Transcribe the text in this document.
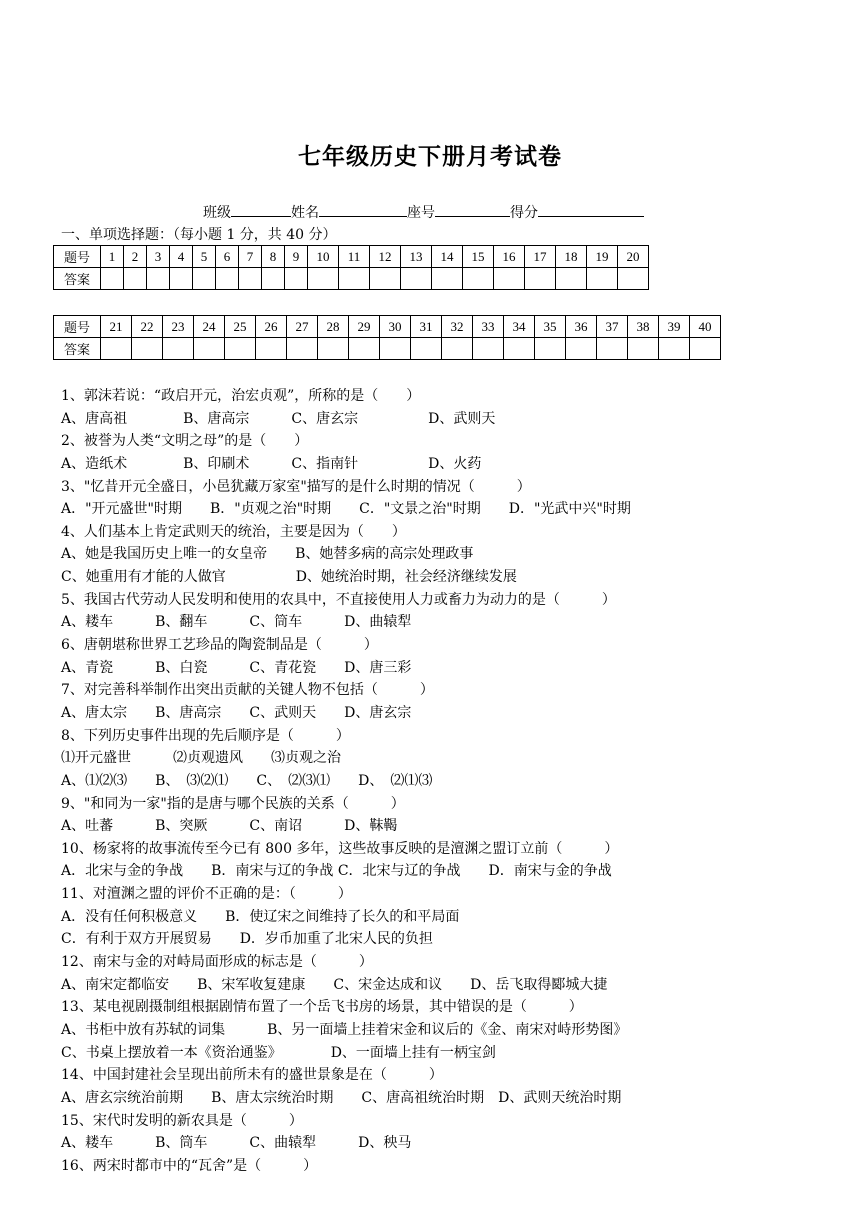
七年级历史下册月考试卷
班级	姓名	座号	得分
一、单项选择题：（每小题 1 分，共 40 分）
题号	1	2	3	4	5	6	7	8	9	10	11	12	13	14	15	16	17	18	19	20
答案																				
题号	21	22	23	24	25	26	27	28	29	30	31	32	33	34	35	36	37	38	39	40
答案																				
1、郭沫若说：“政启开元，治宏贞观”，所称的是（　　）
A、唐高祖　　　　B、唐高宗　　　C、唐玄宗　　　　　D、武则天
2、被誉为人类“文明之母”的是（　　）
A、造纸术　　　　B、印刷术　　　C、指南针　　　　　D、火药
3、"忆昔开元全盛日，小邑犹藏万家室"描写的是什么时期的情况（　　　）
A．"开元盛世"时期　　B．"贞观之治"时期　　C．"文景之治"时期　　D．"光武中兴"时期
4、人们基本上肯定武则天的统治，主要是因为（　　）
A、她是我国历史上唯一的女皇帝　　B、她替多病的高宗处理政事
C、她重用有才能的人做官　　　　　D、她统治时期，社会经济继续发展
5、我国古代劳动人民发明和使用的农具中，不直接使用人力或畜力为动力的是（　　　）
A、耧车　　　B、翻车　　　C、筒车　　　D、曲辕犁
6、唐朝堪称世界工艺珍品的陶瓷制品是（　　　）
A、青瓷　　　B、白瓷　　　C、青花瓷　　D、唐三彩
7、对完善科举制作出突出贡献的关键人物不包括（　　　）
A、唐太宗　　B、唐高宗　　C、武则天　　D、唐玄宗
8、下列历史事件出现的先后顺序是（　　　）
⑴开元盛世　　　⑵贞观遗风　　⑶贞观之治
A、⑴⑵⑶　　B、　⑶⑵⑴　　C、　⑵⑶⑴　　D、　⑵⑴⑶
9、"和同为一家"指的是唐与哪个民族的关系（　　　）
A、吐蕃　　　B、突厥　　　C、南诏　　　D、靺鞨
10、杨家将的故事流传至今已有 800 多年，这些故事反映的是澶渊之盟订立前（　　　）
A．北宋与金的争战　　B．南宋与辽的争战 C．北宋与辽的争战　　D．南宋与金的争战
11、对澶渊之盟的评价不正确的是：（　　　）
A．没有任何积极意义　　B．使辽宋之间维持了长久的和平局面
C．有利于双方开展贸易　　D．岁币加重了北宋人民的负担
12、南宋与金的对峙局面形成的标志是（　　　）
A、南宋定都临安　　B、宋军收复建康　　C、宋金达成和议　　D、岳飞取得郾城大捷
13、某电视剧摄制组根据剧情布置了一个岳飞书房的场景，其中错误的是（　　　）
A、书柜中放有苏轼的词集　　　B、另一面墙上挂着宋金和议后的《金、南宋对峙形势图》
C、书桌上摆放着一本《资治通鉴》　　　　D、一面墙上挂有一柄宝剑
14、中国封建社会呈现出前所未有的盛世景象是在（　　　）
A、唐玄宗统治前期　　B、唐太宗统治时期　　C、唐高祖统治时期　D、武则天统治时期
15、宋代时发明的新农具是（　　　）
A、耧车　　　B、筒车　　　C、曲辕犁　　　D、秧马
16、两宋时都市中的“瓦舍”是（　　　）
